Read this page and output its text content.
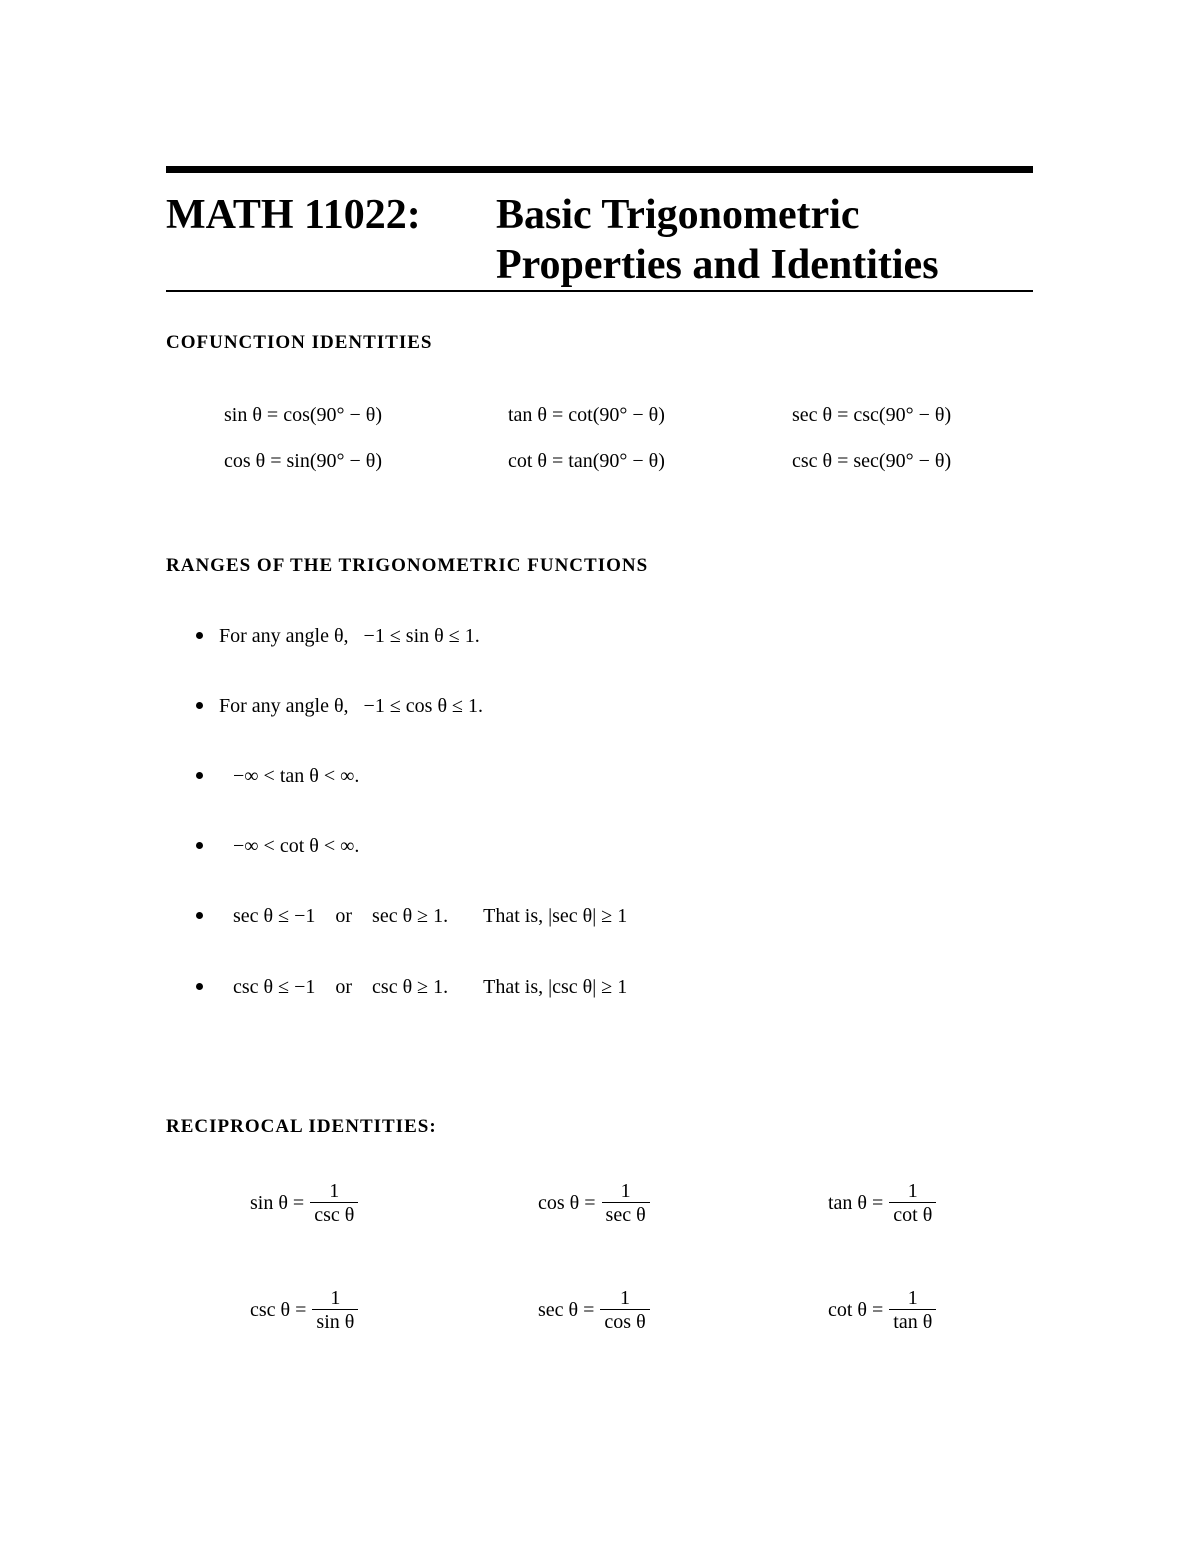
MATH 11022: Basic Trigonometric
Properties and Identities
COFUNCTION IDENTITIES
sin θ = cos(90° − θ)	tan θ = cot(90° − θ)	sec θ = csc(90° − θ)
cos θ = sin(90° − θ)	cot θ = tan(90° − θ)	csc θ = sec(90° − θ)
RANGES OF THE TRIGONOMETRIC FUNCTIONS
For any angle θ,   −1 ≤ sin θ ≤ 1.
For any angle θ,   −1 ≤ cos θ ≤ 1.
−∞ < tan θ < ∞.
−∞ < cot θ < ∞.
sec θ ≤ −1    or    sec θ ≥ 1.       That is, |sec θ| ≥ 1
csc θ ≤ −1    or    csc θ ≥ 1.       That is, |csc θ| ≥ 1
RECIPROCAL IDENTITIES:
$\sin \theta = \frac{1}{\text{csc θ}}$	$\cos \theta = \frac{1}{\text{sec θ}}$	$\tan \theta = \frac{1}{\text{cot θ}}$
$\csc \theta = \frac{1}{\text{sin θ}}$	$\sec \theta = \frac{1}{\text{cos θ}}$	$\cot \theta = \frac{1}{\text{tan θ}}$
